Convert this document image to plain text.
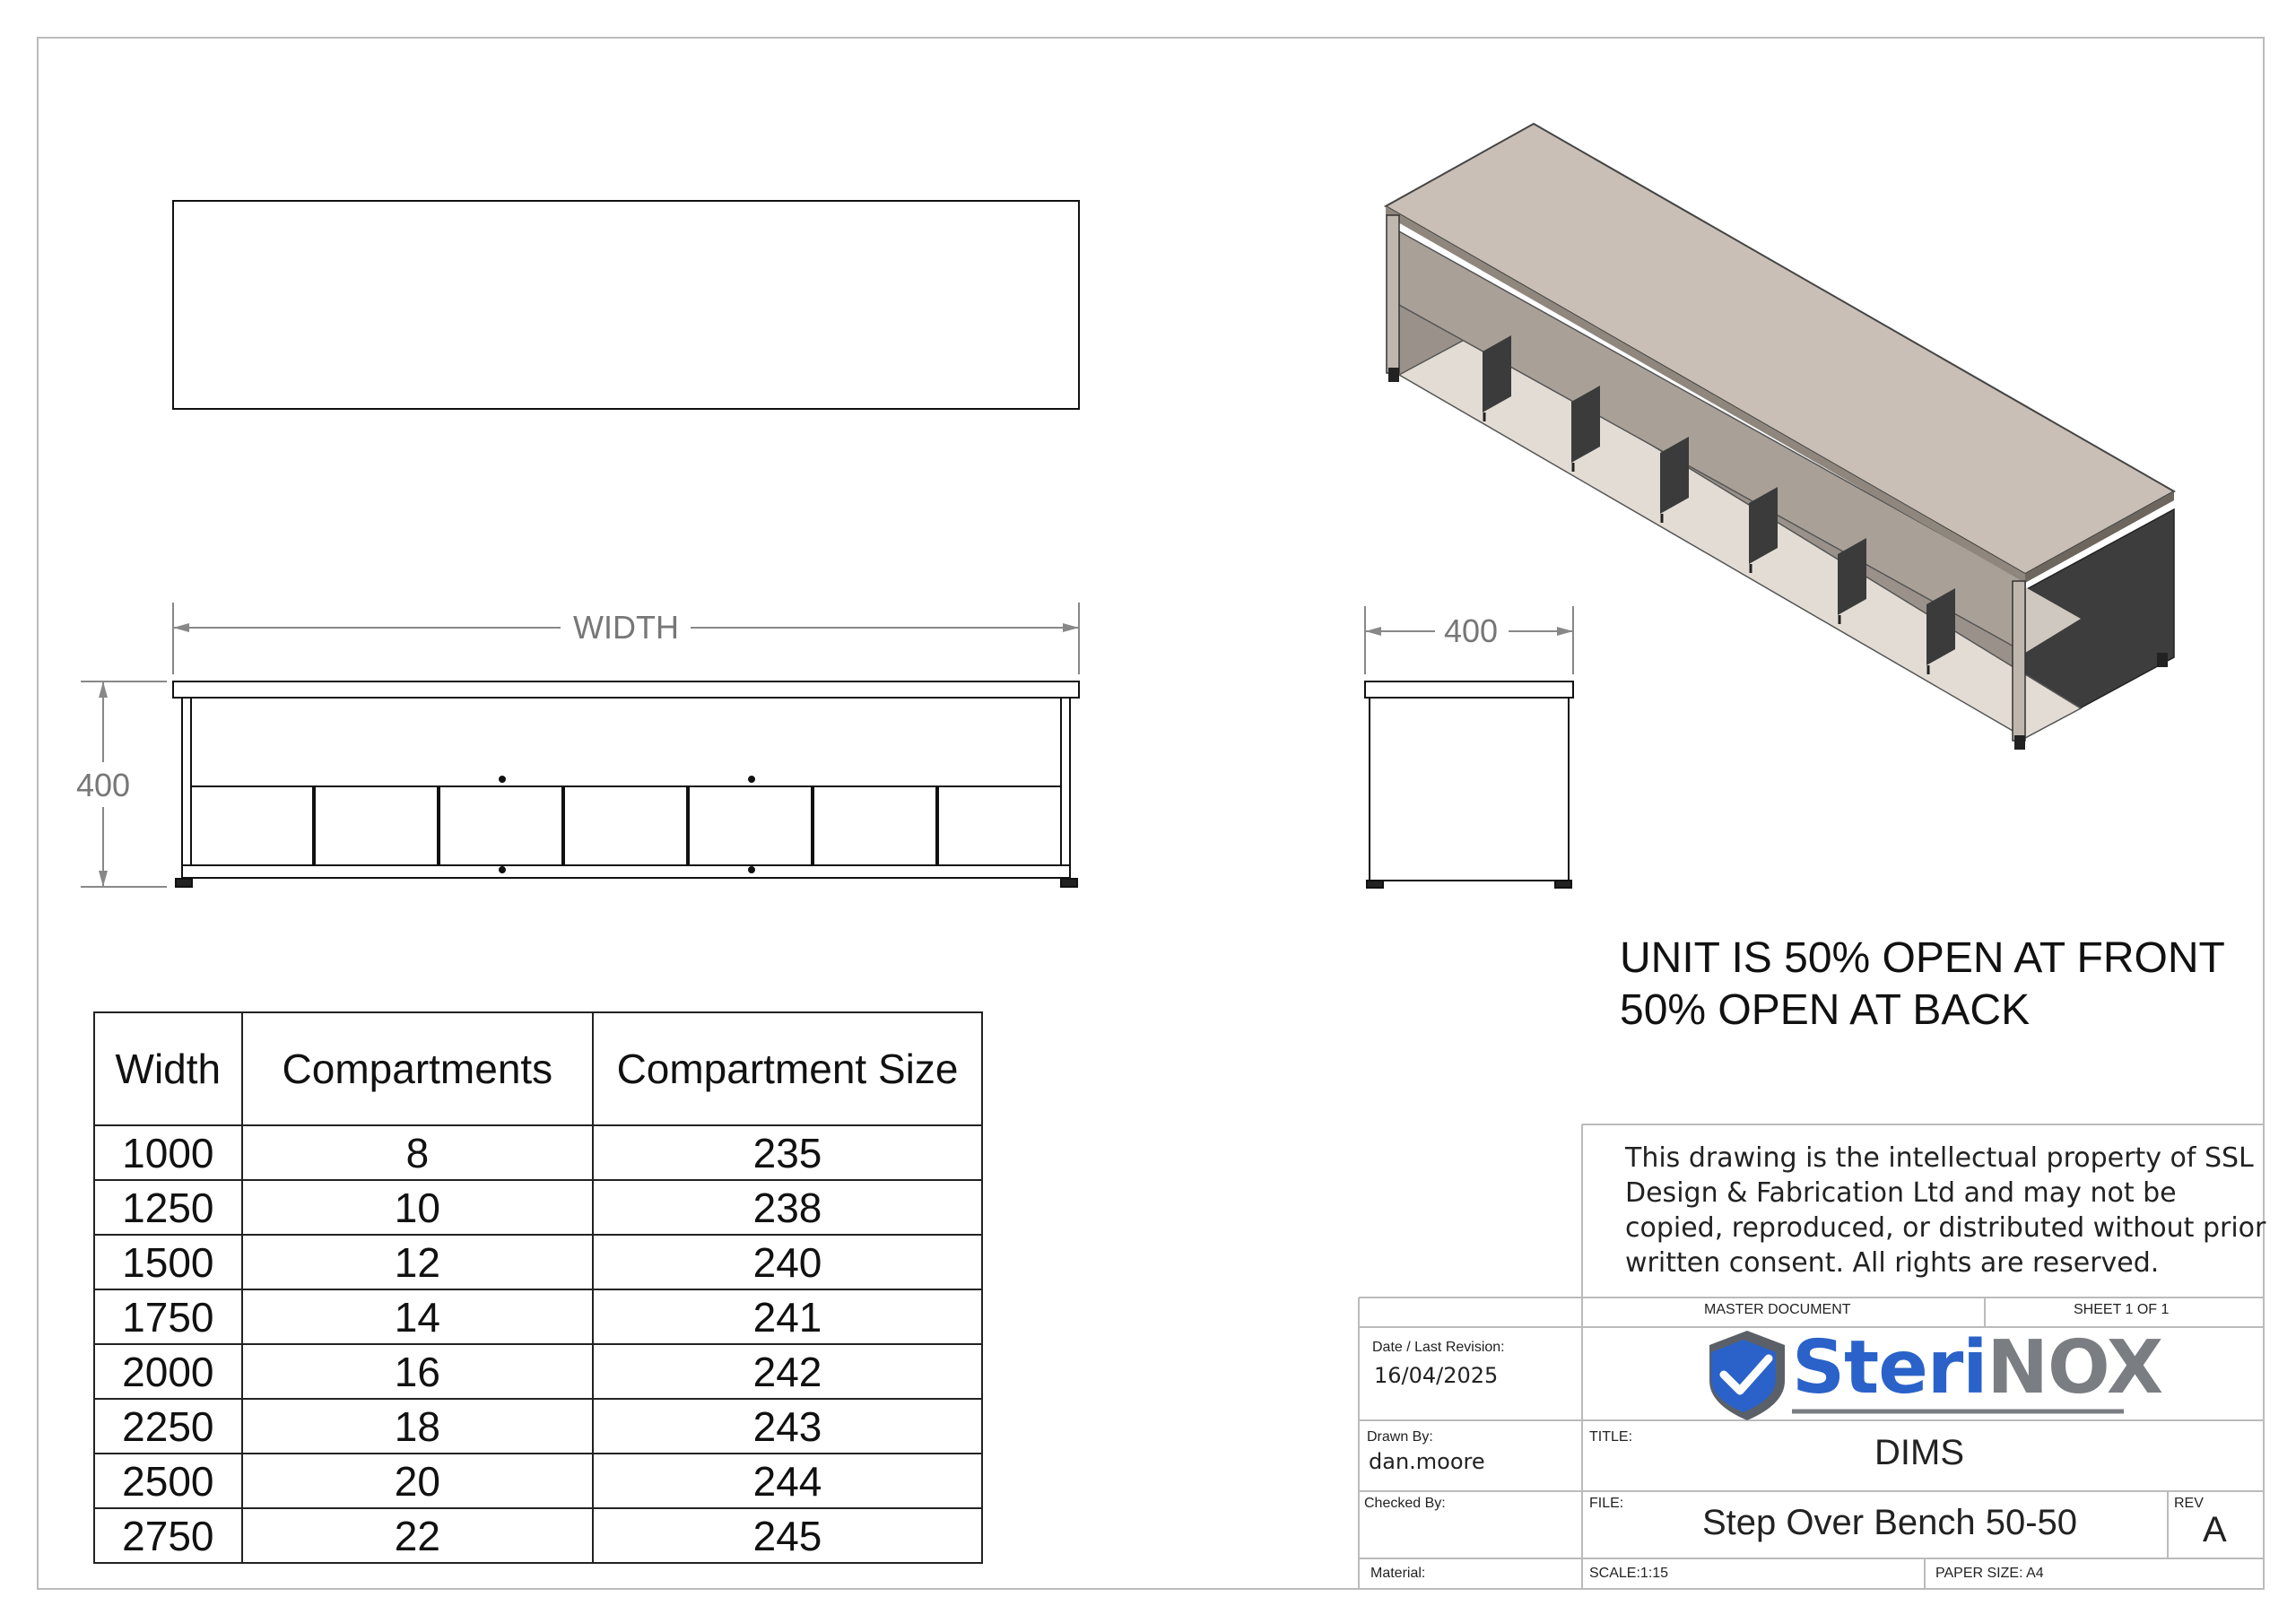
WIDTH
400
400
Width	Compartments	Compartment Size
1000	8	235
1250	10	238
1500	12	240
1750	14	241
2000	16	242
2250	18	243
2500	20	244
2750	22	245
UNIT IS 50% OPEN AT FRONT
50% OPEN AT BACK
This drawing is the intellectual property of SSL Design & Fabrication Ltd and may not be copied, reproduced, or distributed without prior written consent. All rights are reserved.
MASTER DOCUMENT	SHEET 1 OF 1
Date / Last Revision:
16/04/2025	SteriNOX
Drawn By:
dan.moore
TITLE:	DIMS
Checked By:	FILE: Step Over Bench 50-50	REV
A
Material:	SCALE:1:15	PAPER SIZE: A4
